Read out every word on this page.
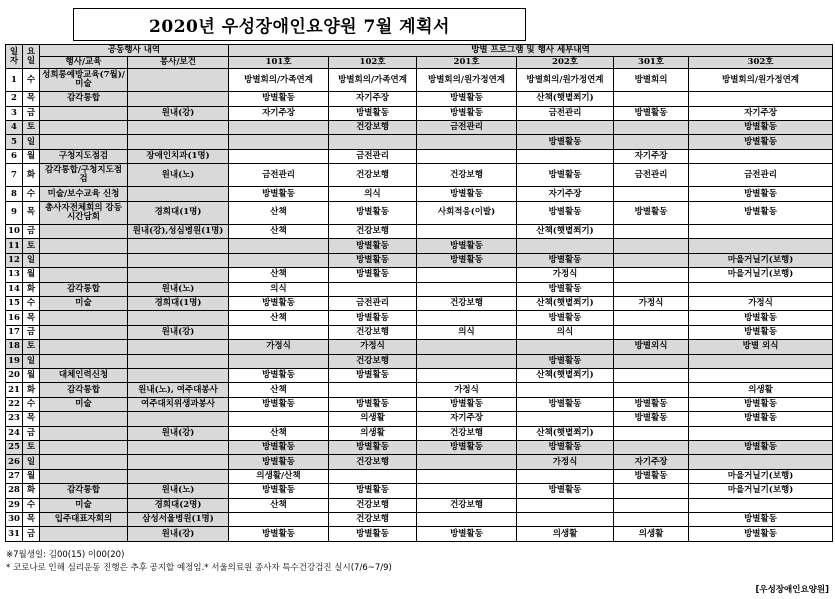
2020년 우성장애인요양원 7월 계획서
일
자	요
일	공동행사 내역		방별 프로그램 및 행사 세부내역					
		행사/교육	봉사/보건	101호	102호	201호	202호	301호	302호
1	수	성희롱예방교육(7월)/미술		방별회의/가족연계	방별회의/가족연계	방별회의/원가정연계	방별회의/원가정연계	방별회의	방별회의/원가정연계
2	목	감각통합		방별활동	자기주장	방별활동	산책(햇볕쬐기)		
3	금		원내(강)	자기주장	방별활동	방별활동	금전관리	방별활동	자기주장
4	토				건강보행	금전관리			방별활동
5	일						방별활동		방별활동
6	월	구청지도점검	장애인치과(1명)		금전관리			자기주장	
7	화	감각통합/구청지도점검	원내(노)	금전관리	건강보행	건강보행	방별활동	금전관리	금전관리
8	수	미술/보수교육 신청		방별활동	의식	방별활동	자기주장		방별활동
9	목	총사자전체회의 강동시간담회	경희대(1명)	산책	방별활동	사회적응(이발)	방별활동	방별활동	방별활동
10	금		원내(강),성심병원(1명)	산책	건강보행		산책(햇볕쬐기)		
11	토				방별활동	방별활동			
12	일				방별활동	방별활동	방별활동		마을거닐기(보행)
13	월			산책	방별활동		가정식		마을거닐기(보행)
14	화	감각통합	원내(노)	의식			방별활동		
15	수	미술	경희대(1명)	방별활동	금전관리	건강보행	산책(햇볕쬐기)	가정식	가정식
16	목			산책	방별활동		방별활동		방별활동
17	금		원내(강)		건강보행	의식	의식		방별활동
18	토			가정식	가정식			방별외식	방별 외식
19	일				건강보행		방별활동		
20	월	대체인력신청		방별활동	방별활동		산책(햇볕쬐기)		
21	화	감각통합	원내(노), 여주대봉사	산책		가정식			의생활
22	수	미술	여주대치위생과봉사	방별활동	방별활동	방별활동	방별활동	방별활동	방별활동
23	목				의생활	자기주장		방별활동	방별활동
24	금		원내(강)	산책	의생활	건강보행	산책(햇볕쬐기)		
25	토			방별활동	방별활동	방별활동	방별활동		방별활동
26	일			방별활동	건강보행		가정식	자기주장	
27	월			의생활/산책				방별활동	마을거닐기(보행)
28	화	감각통합	원내(노)	방별활동	방별활동		방별활동		마을거닐기(보행)
29	수	미술	경희대(2명)	산책	건강보행	건강보행			
30	목	입주대표자회의	삼성서울병원(1명)		건강보행				방별활동
31	금		원내(강)	방별활동	방별활동	방별활동	의생활	의생활	방별활동
※7월생일: 김00(15) 이00(20)
* 코로나로 인해 심리운동 진행은 추후 공지할 예정임.* 서울의료원 종사자 특수건강검진 실시(7/6~7/9)
[우성장애인요양원]
